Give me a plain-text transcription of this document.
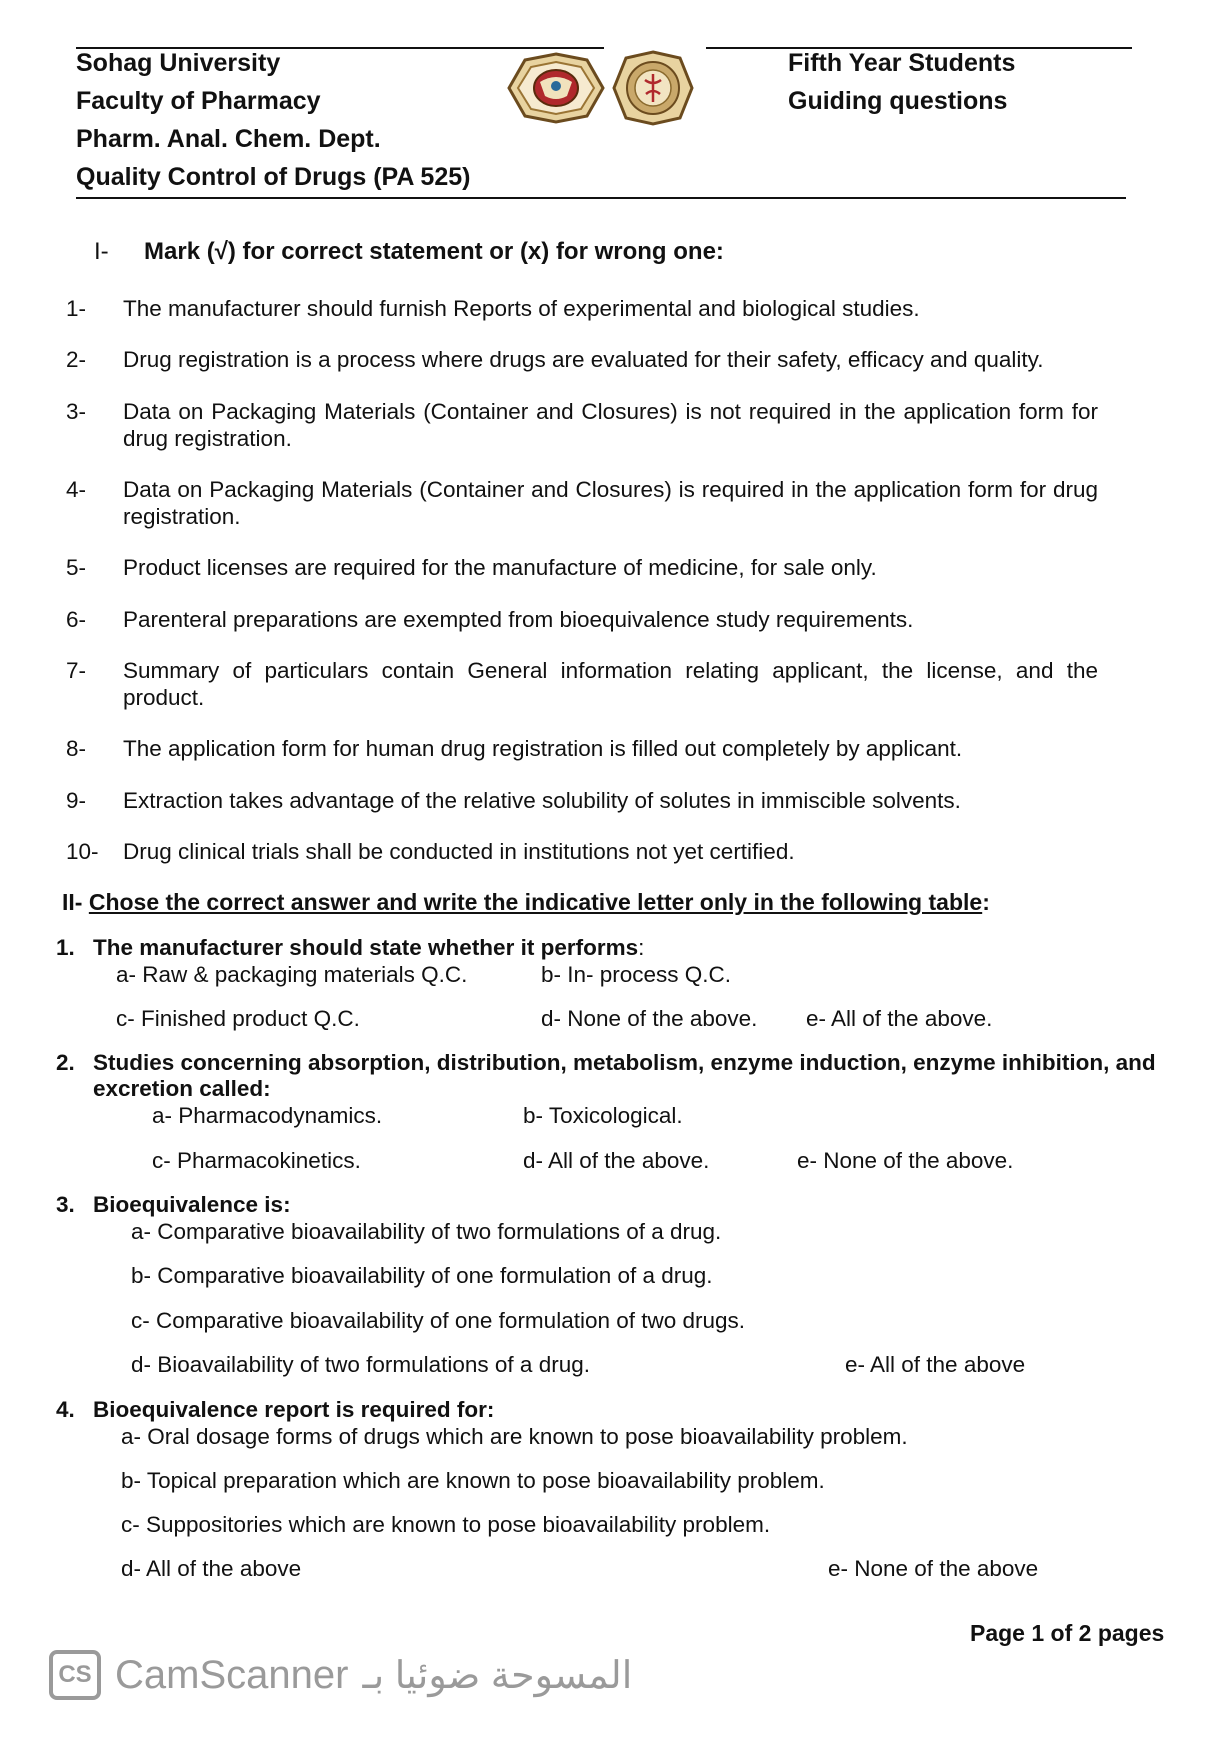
Sohag University
Faculty of Pharmacy
Pharm. Anal. Chem. Dept.
Quality Control of Drugs (PA 525)
Fifth Year Students
Guiding questions
I- Mark (√) for correct statement or (x) for wrong one:
1- The manufacturer should furnish Reports of experimental and biological studies.
2- Drug registration is a process where drugs are evaluated for their safety, efficacy and quality.
3- Data on Packaging Materials (Container and Closures) is not required in the application form for drug registration.
4- Data on Packaging Materials (Container and Closures) is required in the application form for drug registration.
5- Product licenses are required for the manufacture of medicine, for sale only.
6- Parenteral preparations are exempted from bioequivalence study requirements.
7- Summary of particulars contain General information relating applicant, the license, and the product.
8- The application form for human drug registration is filled out completely by applicant.
9- Extraction takes advantage of the relative solubility of solutes in immiscible solvents.
10- Drug clinical trials shall be conducted in institutions not yet certified.
II- Chose the correct answer and write the indicative letter only in the following table:
1. The manufacturer should state whether it performs:
a- Raw & packaging materials Q.C.	b- In- process Q.C.
c- Finished product Q.C.	d- None of the above. e- All of the above.
2. Studies concerning absorption, distribution, metabolism, enzyme induction, enzyme inhibition, and excretion called:
a- Pharmacodynamics.	b- Toxicological.
c- Pharmacokinetics.	d- All of the above.	e- None of the above.
3. Bioequivalence is:
a- Comparative bioavailability of two formulations of a drug.
b- Comparative bioavailability of one formulation of a drug.
c- Comparative bioavailability of one formulation of two drugs.
d- Bioavailability of two formulations of a drug.	e- All of the above
4. Bioequivalence report is required for:
a- Oral dosage forms of drugs which are known to pose bioavailability problem.
b- Topical preparation which are known to pose bioavailability problem.
c- Suppositories which are known to pose bioavailability problem.
d- All of the above	e- None of the above
Page 1 of 2 pages
CS CamScanner المسوحة ضوئيا بـ
